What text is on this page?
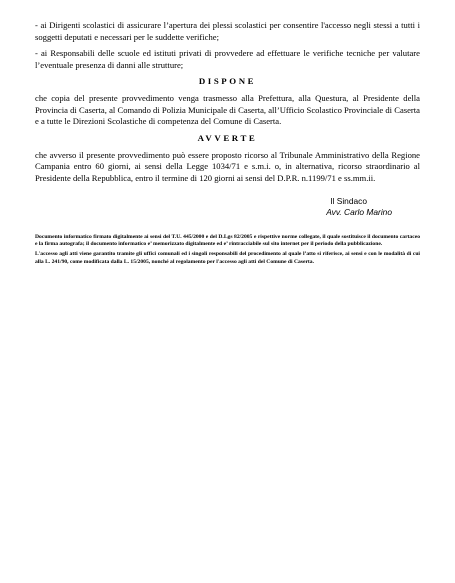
- ai Dirigenti scolastici di assicurare l’apertura dei plessi scolastici per consentire l'accesso negli stessi a tutti i soggetti deputati e necessari per le suddette verifiche;

- ai Responsabili delle scuole ed istituti privati di provvedere ad effettuare le verifiche tecniche per valutare l’eventuale presenza di danni alle strutture;

DISPONE

che copia del presente provvedimento venga trasmesso alla Prefettura, alla Questura, al Presidente della Provincia di Caserta, al Comando di Polizia Municipale di Caserta, all’Ufficio Scolastico Provinciale di Caserta e a tutte le Direzioni Scolastiche di competenza del Comune di Caserta.

AVVERTE

che avverso il presente provvedimento può essere proposto ricorso al Tribunale Amministrativo della Regione Campania entro 60 giorni, ai sensi della Legge 1034/71 e s.m.i. o, in alternativa, ricorso straordinario al Presidente della Repubblica, entro il termine di 120 giorni ai sensi del D.P.R. n.1199/71 e ss.mm.ii.

Il Sindaco
Avv. Carlo Marino

Documento informatico firmato digitalmente ai sensi del T.U. 445/2000 e del D.Lgs 82/2005 e rispettive norme collegate, il quale sostituisce il documento cartaceo e la firma autografa; il documento informatico e’ memorizzato digitalmente ed e’ rintracciabile sul sito internet per il periodo della pubblicazione.

L'accesso agli atti viene garantito tramite gli uffici comunali ed i singoli responsabili del procedimento al quale l’atto si riferisce, ai sensi e con le modalità di cui alla L. 241/90, come modificata dalla L. 15/2005, nonché al regolamento per l'accesso agli atti del Comune di Caserta.
